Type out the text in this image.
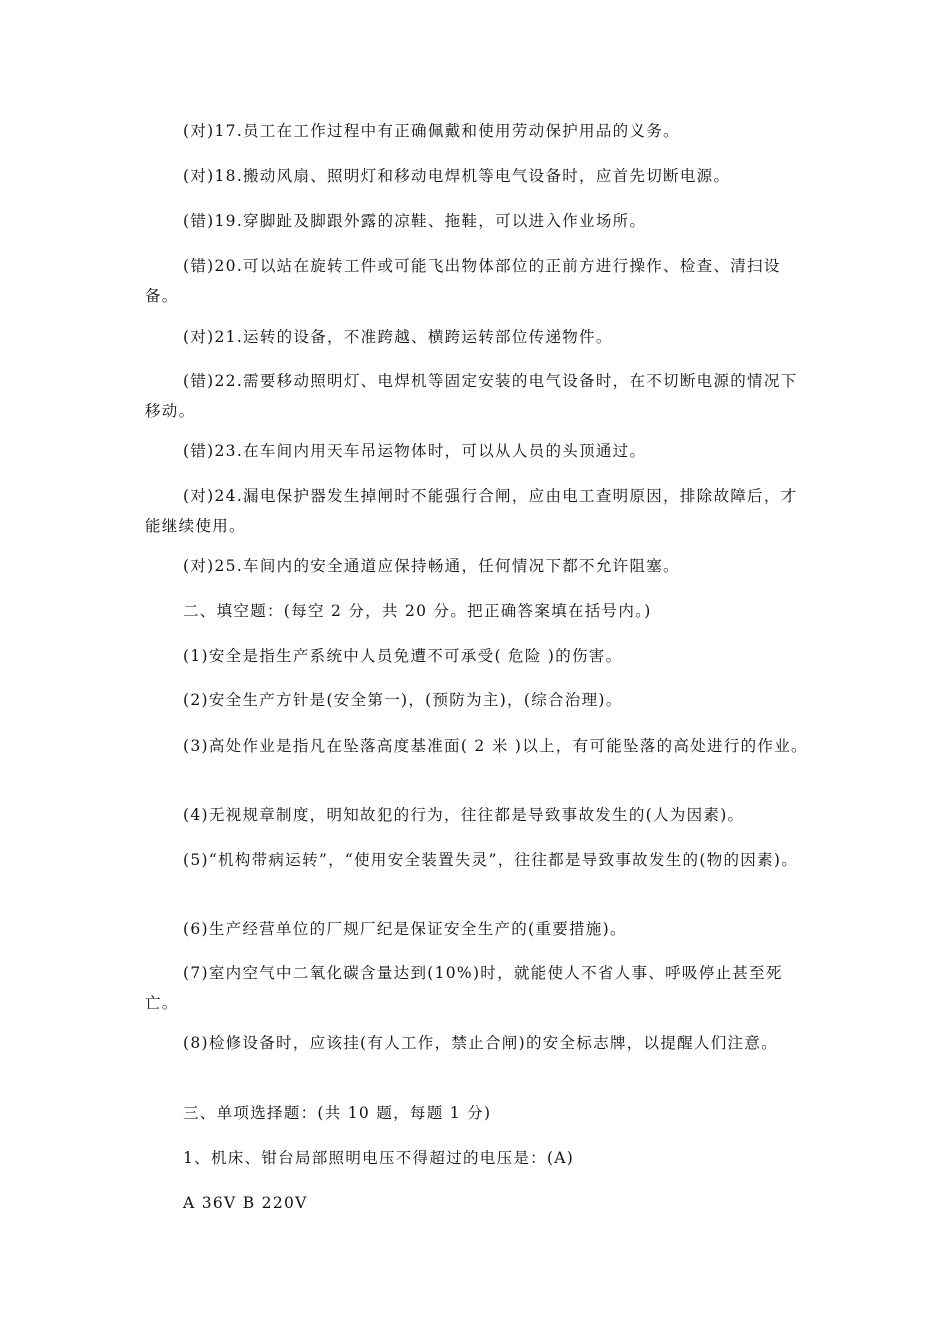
(对)17.员工在工作过程中有正确佩戴和使用劳动保护用品的义务。

(对)18.搬动风扇、照明灯和移动电焊机等电气设备时，应首先切断电源。

(错)19.穿脚趾及脚跟外露的凉鞋、拖鞋，可以进入作业场所。

(错)20.可以站在旋转工件或可能飞出物体部位的正前方进行操作、检查、清扫设备。

(对)21.运转的设备，不准跨越、横跨运转部位传递物件。

(错)22.需要移动照明灯、电焊机等固定安装的电气设备时，在不切断电源的情况下移动。

(错)23.在车间内用天车吊运物体时，可以从人员的头顶通过。

(对)24.漏电保护器发生掉闸时不能强行合闸，应由电工查明原因，排除故障后，才能继续使用。

(对)25.车间内的安全通道应保持畅通，任何情况下都不允许阻塞。

二、填空题：(每空 2 分，共 20 分。把正确答案填在括号内。)

(1)安全是指生产系统中人员免遭不可承受( 危险 )的伤害。

(2)安全生产方针是(安全第一)，(预防为主)，(综合治理)。

(3)高处作业是指凡在坠落高度基准面( 2 米 )以上，有可能坠落的高处进行的作业。

(4)无视规章制度，明知故犯的行为，往往都是导致事故发生的(人为因素)。

(5)“机构带病运转”，“使用安全装置失灵”，往往都是导致事故发生的(物的因素)。

(6)生产经营单位的厂规厂纪是保证安全生产的(重要措施)。

(7)室内空气中二氧化碳含量达到(10%)时，就能使人不省人事、呼吸停止甚至死亡。

(8)检修设备时，应该挂(有人工作，禁止合闸)的安全标志牌，以提醒人们注意。

三、单项选择题：(共 10 题，每题 1 分)

1、机床、钳台局部照明电压不得超过的电压是：(A)

A 36V B 220V
